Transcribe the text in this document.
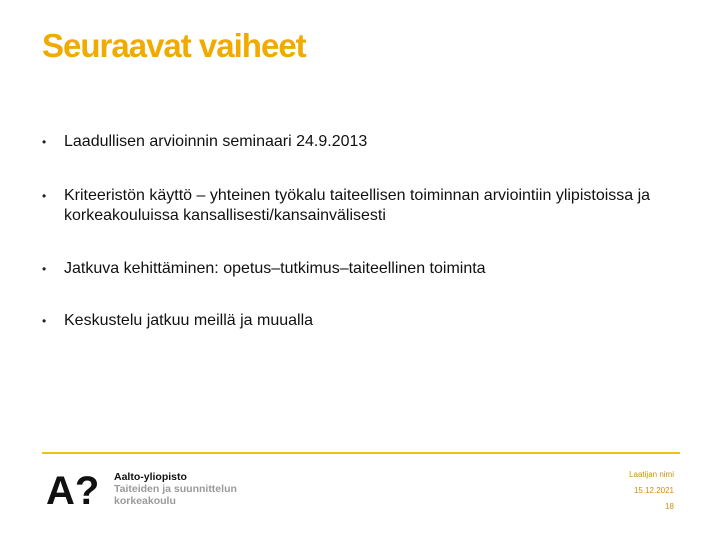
Seuraavat vaiheet
•	Laadullisen arvioinnin seminaari 24.9.2013
•	Kriteeristön käyttö – yhteinen työkalu taiteellisen toiminnan arviointiin ylipistoissa ja korkeakouluissa kansallisesti/kansainvälisesti
•	Jatkuva kehittäminen: opetus–tutkimus–taiteellinen toiminta
•	Keskustelu jatkuu meillä ja muualla
A? Aalto-yliopisto
Taiteiden ja suunnittelun
korkeakoulu
Laatijan nimi
15.12.2021
18
